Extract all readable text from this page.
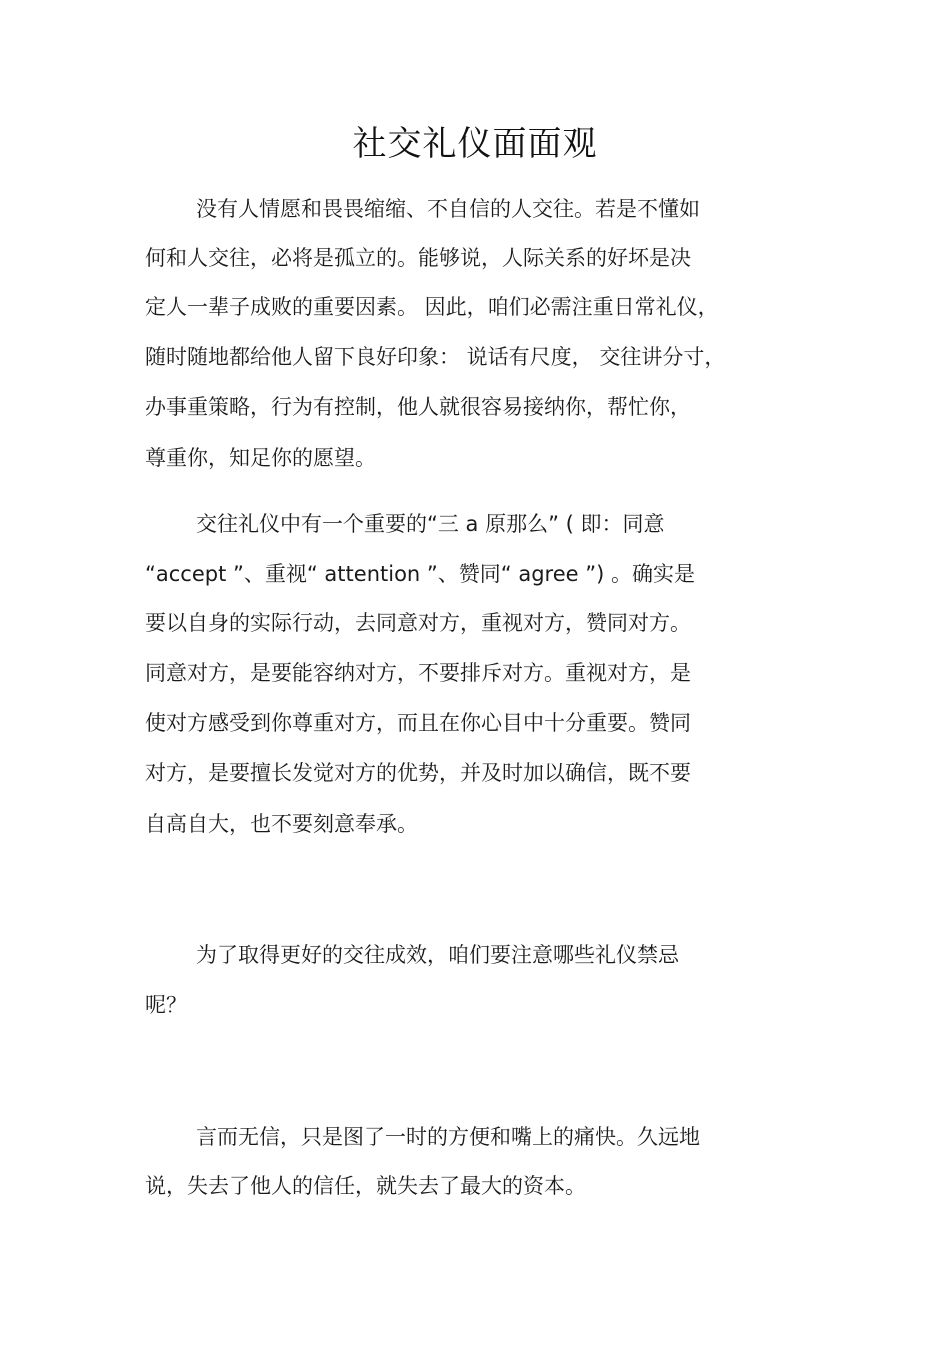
社交礼仪面面观
没有人情愿和畏畏缩缩、不自信的人交往。若是不懂如
何和人交往，必将是孤立的。能够说，人际关系的好坏是决
定人一辈子成败的重要因素。 因此，咱们必需注重日常礼仪，
随时随地都给他人留下良好印象： 说话有尺度， 交往讲分寸，
办事重策略，行为有控制，他人就很容易接纳你，帮忙你，
尊重你，知足你的愿望。
交往礼仪中有一个重要的“三 a 原那么” ( 即：同意
“accept ”、重视“ attention ”、赞同“ agree ”) 。确实是
要以自身的实际行动，去同意对方，重视对方，赞同对方。
同意对方，是要能容纳对方，不要排斥对方。重视对方，是
使对方感受到你尊重对方，而且在你心目中十分重要。赞同
对方，是要擅长发觉对方的优势，并及时加以确信，既不要
自高自大，也不要刻意奉承。
为了取得更好的交往成效，咱们要注意哪些礼仪禁忌
呢？
言而无信，只是图了一时的方便和嘴上的痛快。久远地
说，失去了他人的信任，就失去了最大的资本。
